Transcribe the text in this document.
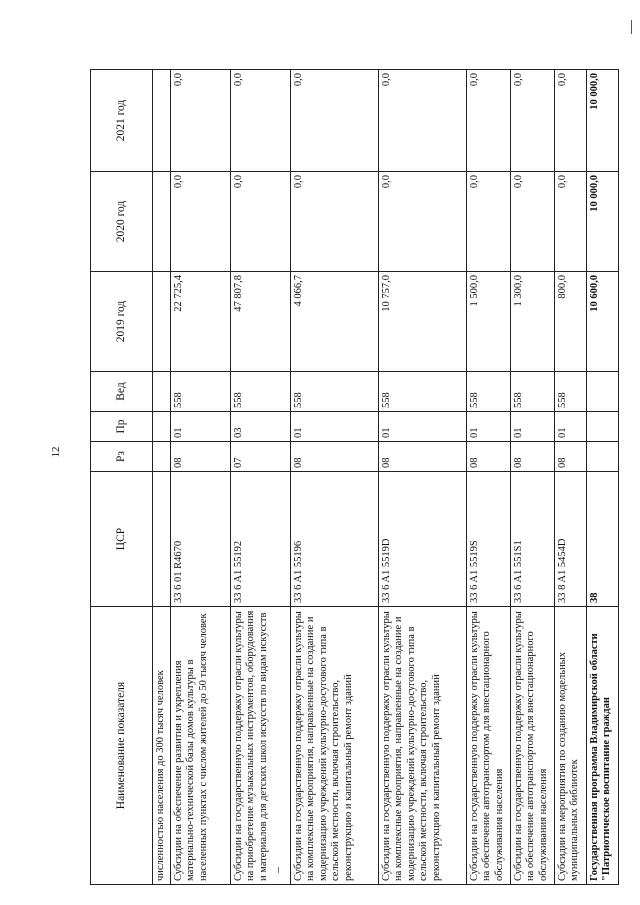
12
Наименование показателя	ЦСР	Рз	Пр	Вед	2019 год	2020 год	2021 год
численностью населения до 300 тысяч человек							
Субсидии на обеспечение развития и укрепления материально-технической базы домов культуры в населенных пунктах с числом жителей до 50 тысяч человек	33 6 01 R4670	08	01	558	22 725,4	0,0	0,0
Субсидии на государственную поддержку отрасли культуры на приобретение музыкальных инструментов, оборудования и материалов для детских школ искусств по видам искусств	33 6 A1 55192	07	03	558	47 807,8	0,0	0,0
Субсидии на государственную поддержку отрасли культуры на комплексные мероприятия, направленные на создание и модернизацию учреждений культурно-досугового типа в сельской местности, включая строительство, реконструкцию и капитальный ремонт зданий	33 6 A1 55196	08	01	558	4 066,7	0,0	0,0
Субсидии на государственную поддержку отрасли культуры на комплексные мероприятия, направленные на создание и модернизацию учреждений культурно-досугового типа в сельской местности, включая строительство, реконструкцию и капитальный ремонт зданий	33 6 A1 5519D	08	01	558	10 757,0	0,0	0,0
Субсидии на государственную поддержку отрасли культуры на обеспечение автотранспортом для внестационарного обслуживания населения	33 6 A1 5519S	08	01	558	1 500,0	0,0	0,0
Субсидии на государственную поддержку отрасли культуры на обеспечение автотранспортом для внестационарного обслуживания населения	33 6 A1 551S1	08	01	558	1 300,0	0,0	0,0
Субсидии на мероприятия по созданию модельных муниципальных библиотек	33 8 A1 5454D	08	01	558	800,0	0,0	0,0
Государственная программа Владимирской области "Патриотическое воспитание граждан	38				10 600,0	10 000,0	10 000,0
